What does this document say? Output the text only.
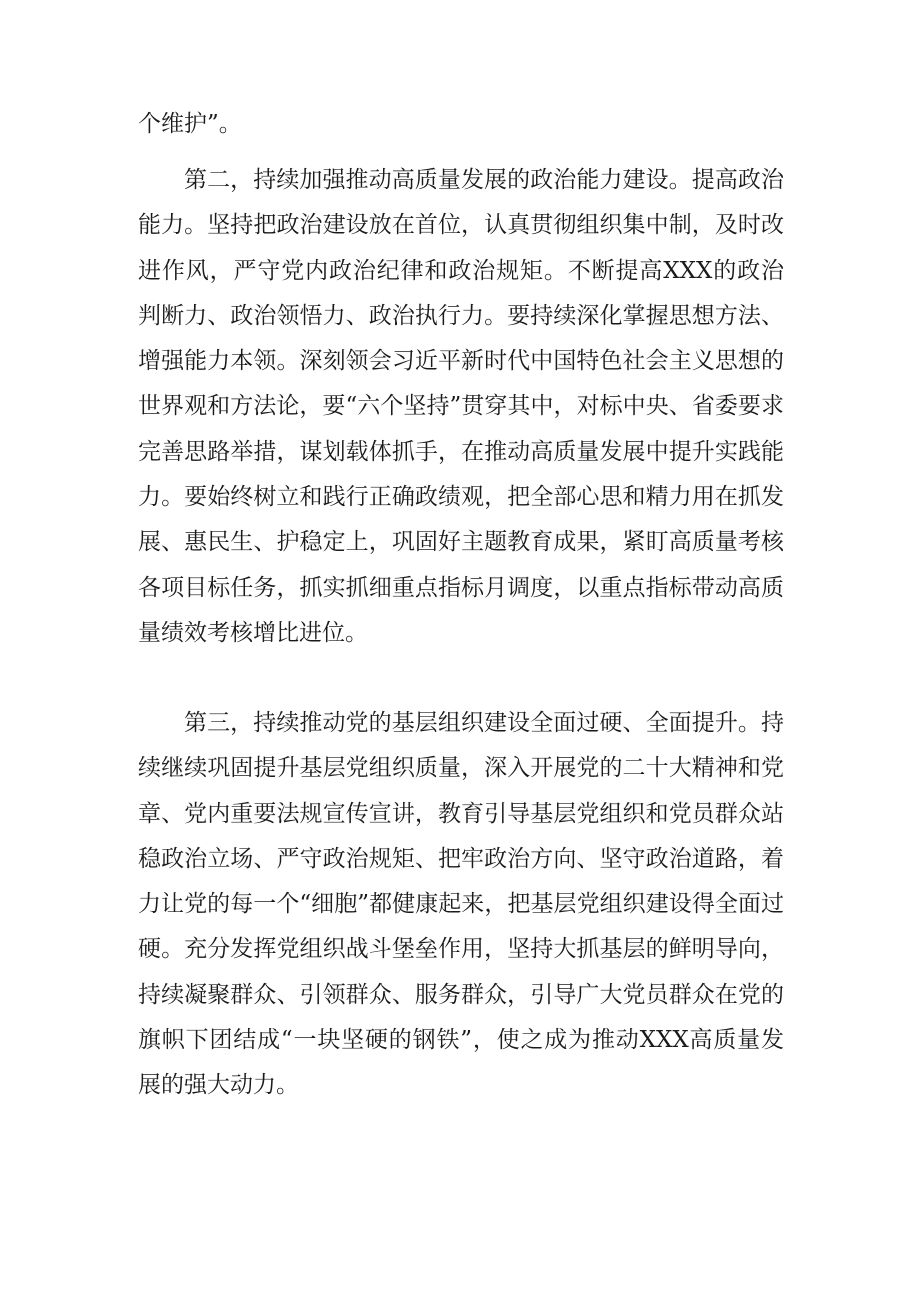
个维护”。

第二，持续加强推动高质量发展的政治能力建设。提高政治能力。坚持把政治建设放在首位，认真贯彻组织集中制，及时改进作风，严守党内政治纪律和政治规矩。不断提高XXX的政治判断力、政治领悟力、政治执行力。要持续深化掌握思想方法、增强能力本领。深刻领会习近平新时代中国特色社会主义思想的世界观和方法论，要“六个坚持”贯穿其中，对标中央、省委要求完善思路举措，谋划载体抓手，在推动高质量发展中提升实践能力。要始终树立和践行正确政绩观，把全部心思和精力用在抓发展、惠民生、护稳定上，巩固好主题教育成果，紧盯高质量考核各项目标任务，抓实抓细重点指标月调度，以重点指标带动高质量绩效考核增比进位。

第三，持续推动党的基层组织建设全面过硬、全面提升。持续继续巩固提升基层党组织质量，深入开展党的二十大精神和党章、党内重要法规宣传宣讲，教育引导基层党组织和党员群众站稳政治立场、严守政治规矩、把牢政治方向、坚守政治道路，着力让党的每一个“细胞”都健康起来，把基层党组织建设得全面过硬。充分发挥党组织战斗堡垒作用，坚持大抓基层的鲜明导向，持续凝聚群众、引领群众、服务群众，引导广大党员群众在党的旗帜下团结成“一块坚硬的钢铁”，使之成为推动XXX高质量发展的强大动力。
